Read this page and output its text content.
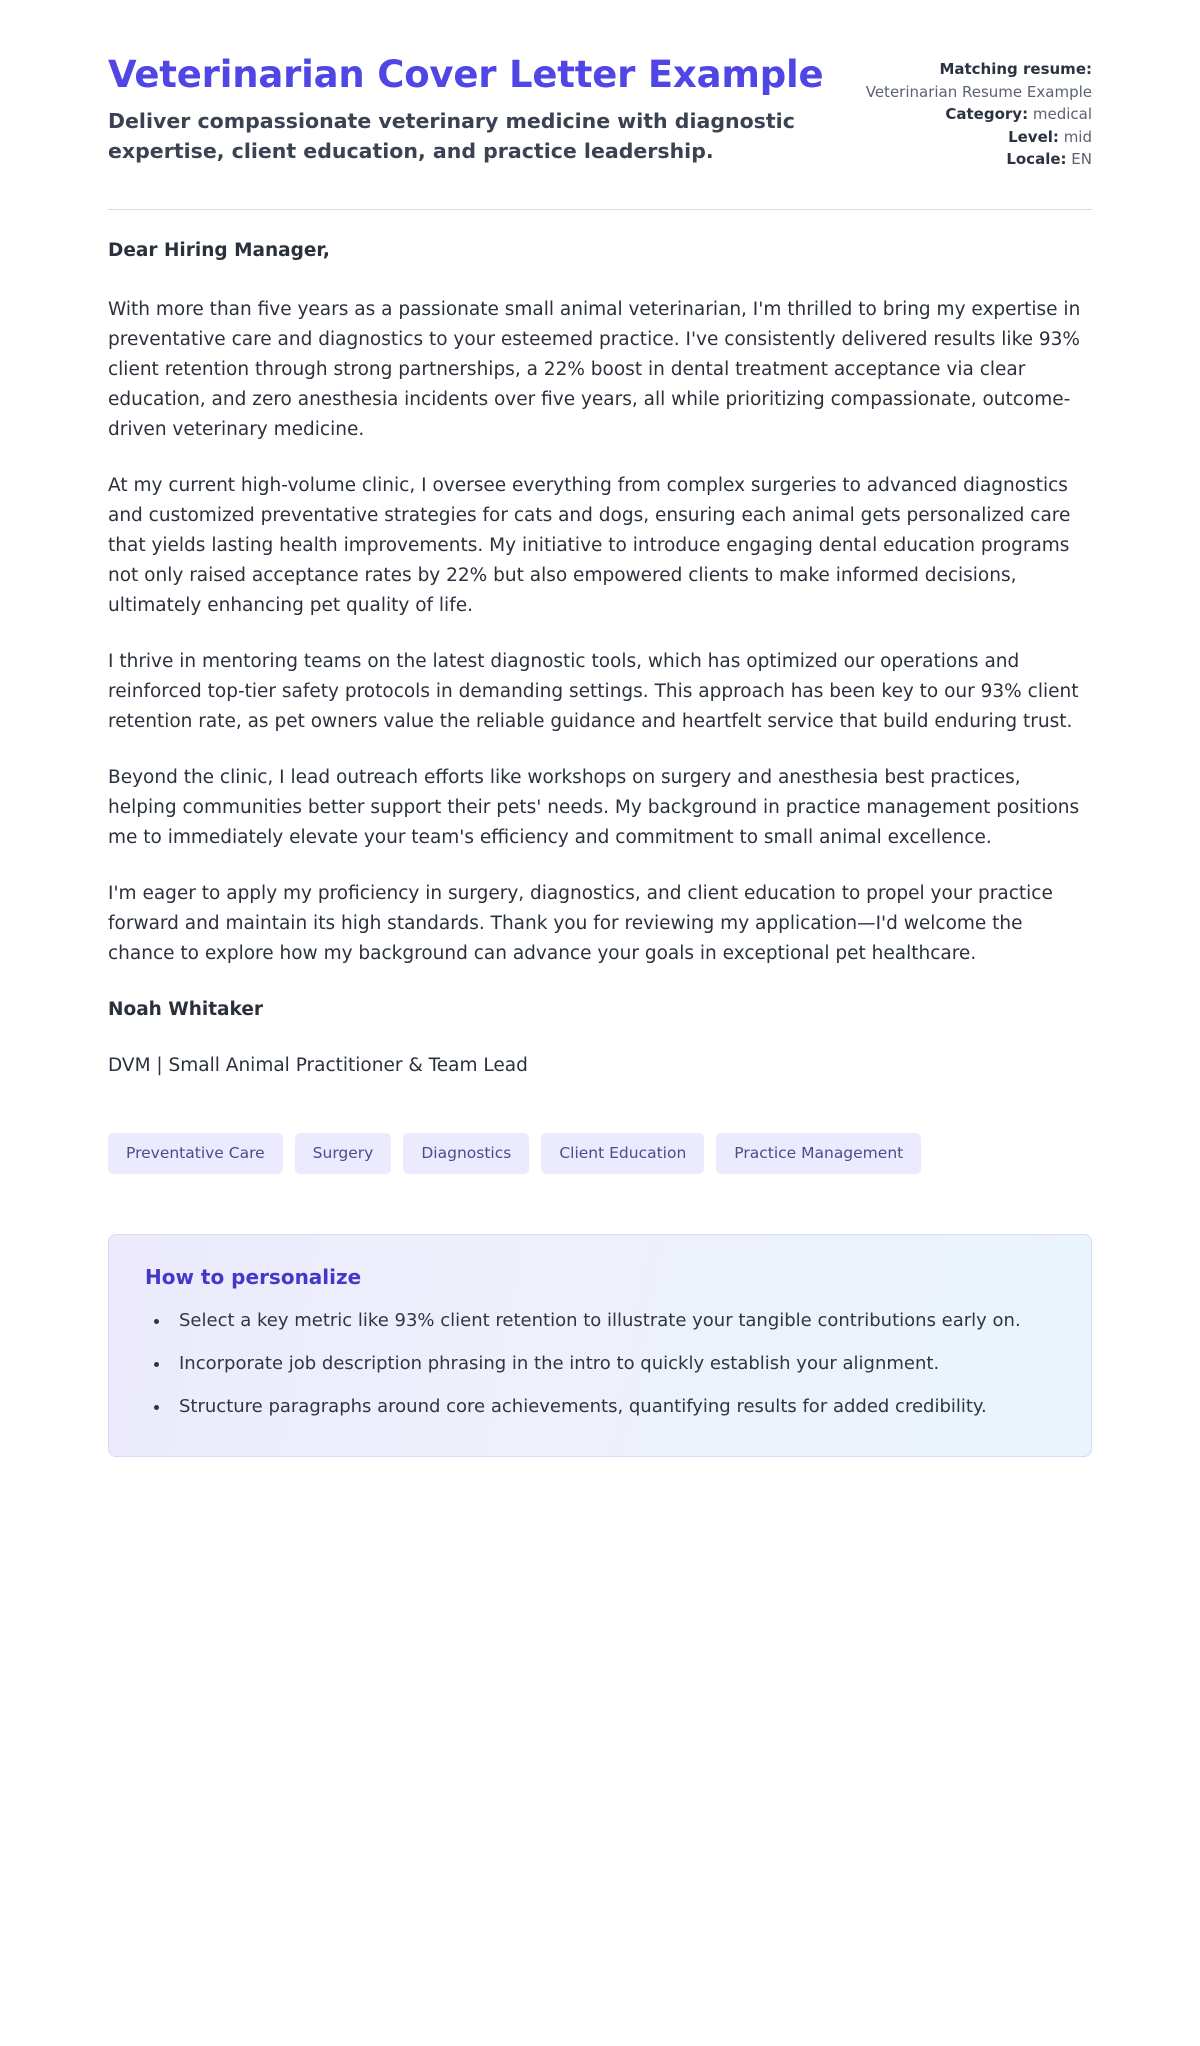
Veterinarian Cover Letter Example

Deliver compassionate veterinary medicine with diagnostic expertise, client education, and practice leadership.

Matching resume:
Veterinarian Resume Example
Category: medical
Level: mid
Locale: EN

Dear Hiring Manager,

With more than five years as a passionate small animal veterinarian, I'm thrilled to bring my expertise in preventative care and diagnostics to your esteemed practice. I've consistently delivered results like 93% client retention through strong partnerships, a 22% boost in dental treatment acceptance via clear education, and zero anesthesia incidents over five years, all while prioritizing compassionate, outcome-driven veterinary medicine.

At my current high-volume clinic, I oversee everything from complex surgeries to advanced diagnostics and customized preventative strategies for cats and dogs, ensuring each animal gets personalized care that yields lasting health improvements. My initiative to introduce engaging dental education programs not only raised acceptance rates by 22% but also empowered clients to make informed decisions, ultimately enhancing pet quality of life.

I thrive in mentoring teams on the latest diagnostic tools, which has optimized our operations and reinforced top-tier safety protocols in demanding settings. This approach has been key to our 93% client retention rate, as pet owners value the reliable guidance and heartfelt service that build enduring trust.

Beyond the clinic, I lead outreach efforts like workshops on surgery and anesthesia best practices, helping communities better support their pets' needs. My background in practice management positions me to immediately elevate your team's efficiency and commitment to small animal excellence.

I'm eager to apply my proficiency in surgery, diagnostics, and client education to propel your practice forward and maintain its high standards. Thank you for reviewing my application—I'd welcome the chance to explore how my background can advance your goals in exceptional pet healthcare.

Noah Whitaker

DVM | Small Animal Practitioner & Team Lead

Preventative Care	Surgery	Diagnostics	Client Education	Practice Management
How to personalize
• Select a key metric like 93% client retention to illustrate your tangible contributions early on.
• Incorporate job description phrasing in the intro to quickly establish your alignment.
• Structure paragraphs around core achievements, quantifying results for added credibility.
